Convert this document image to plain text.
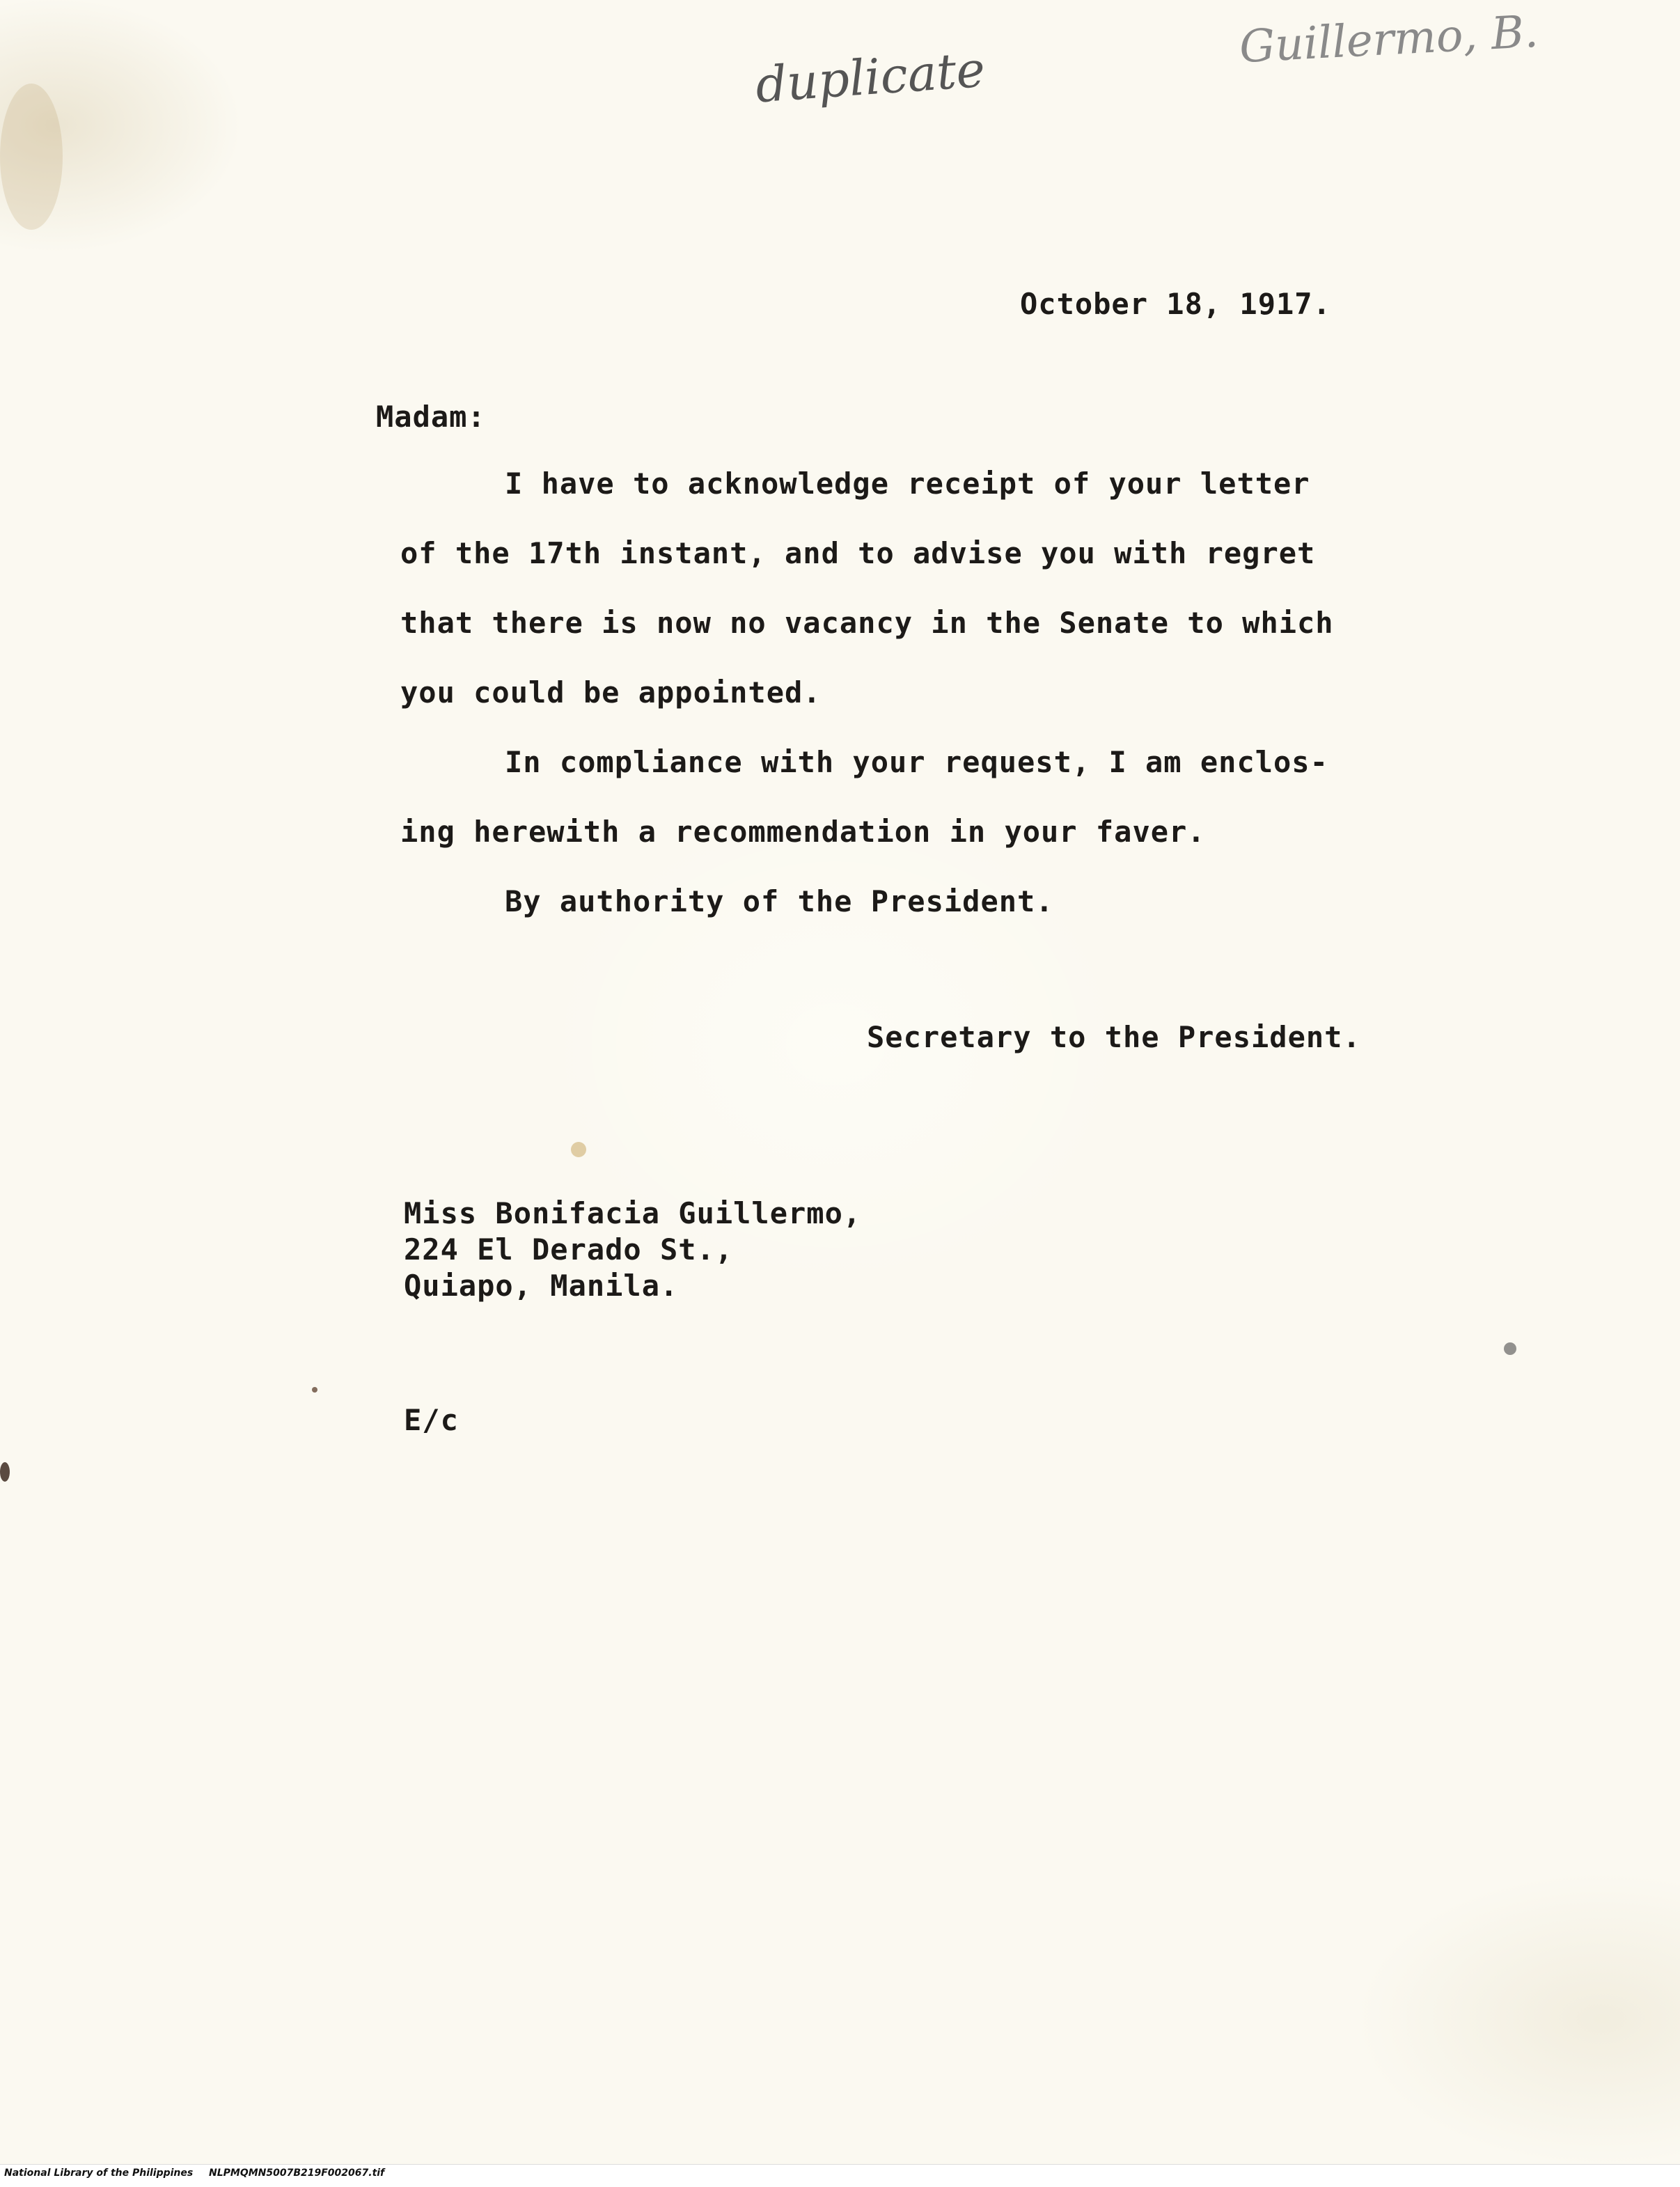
duplicate
Guillermo, B.
October 18, 1917.
Madam:
I have to acknowledge receipt of your letter
of the 17th instant, and to advise you with regret
that there is now no vacancy in the Senate to which
you could be appointed.
In compliance with your request, I am enclos-
ing herewith a recommendation in your faver.
By authority of the President.
Secretary to the President.
Miss Bonifacia Guillermo,
224 El Derado St.,
Quiapo, Manila.
E/c
National Library of the Philippines NLPMQMN5007B219F002067.tif
